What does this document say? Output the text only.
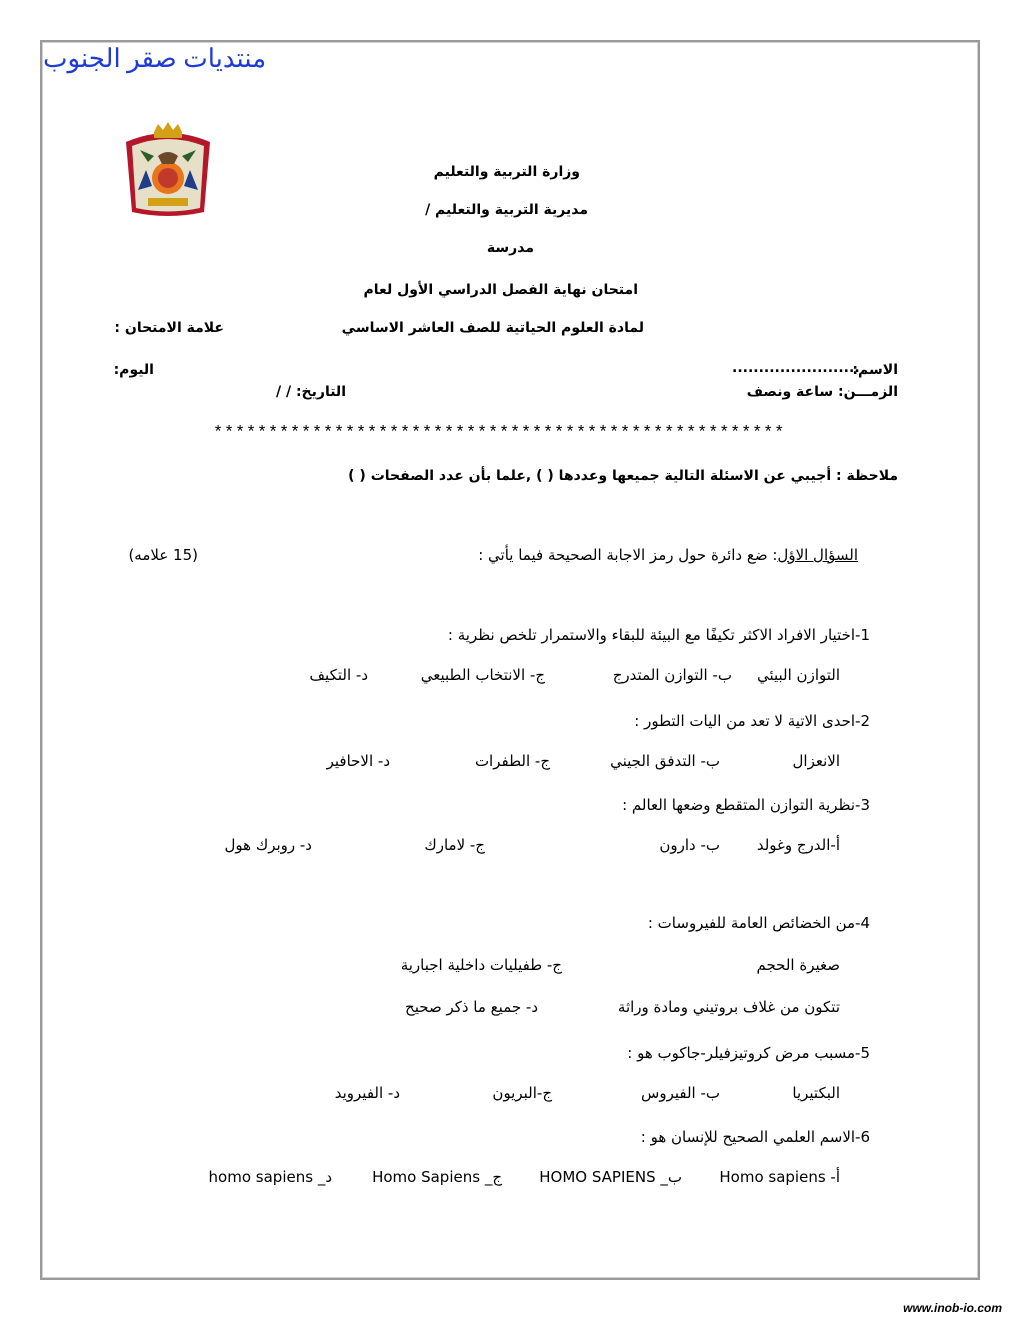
منتديات صقر الجنوب
وزارة التربية والتعليم
مديرية التربية والتعليم /
مدرسة
امتحان نهاية الفصل الدراسي الأول لعام
لمادة العلوم الحياتية للصف العاشر الاساسي
علامة الامتحان :
الاسم:
........................
اليوم:
الزمـــن: ساعة ونصف
التاريخ: / /
****************************************************
ملاحظة : أجيبي عن الاسئلة التالية جميعها وعددها ( ) ,علما بأن عدد الصفحات ( )
السؤال الاؤل: ضع دائرة حول رمز الاجابة الصحيحة فيما يأتي :
(15 علامه)
1-اختيار الافراد الاكثر تكيفًا مع البيئة للبقاء والاستمرار تلخص نظرية :
التوازن البيئي
ب- التوازن المتدرج
ج- الانتخاب الطبيعي
د- التكيف
2-احدى الاتية لا تعد من اليات التطور :
الانعزال
ب- التدفق الجيني
ج- الطفرات
د- الاحافير
3-نظرية التوازن المتقطع وضعها العالم :
أ-الدرج وغولد
ب- دارون
ج- لامارك
د- روبرك هول
4-من الخضائص العامة للفيروسات :
صغيرة الحجم
ج- طفيليات داخلية اجبارية
تتكون من غلاف بروتيني ومادة وراثة
د- جميع ما ذكر صحيح
5-مسبب مرض كروتيزفيلر-جاكوب هو :
البكتيريا
ب- الفيروس
ج-البريون
د- الفيرويد
6-الاسم العلمي الصحيح للإنسان هو :
أ- Homo sapiens
ب_ HOMO SAPIENS
ج_ Homo Sapiens
د_ homo sapiens
www.inob-io.com
